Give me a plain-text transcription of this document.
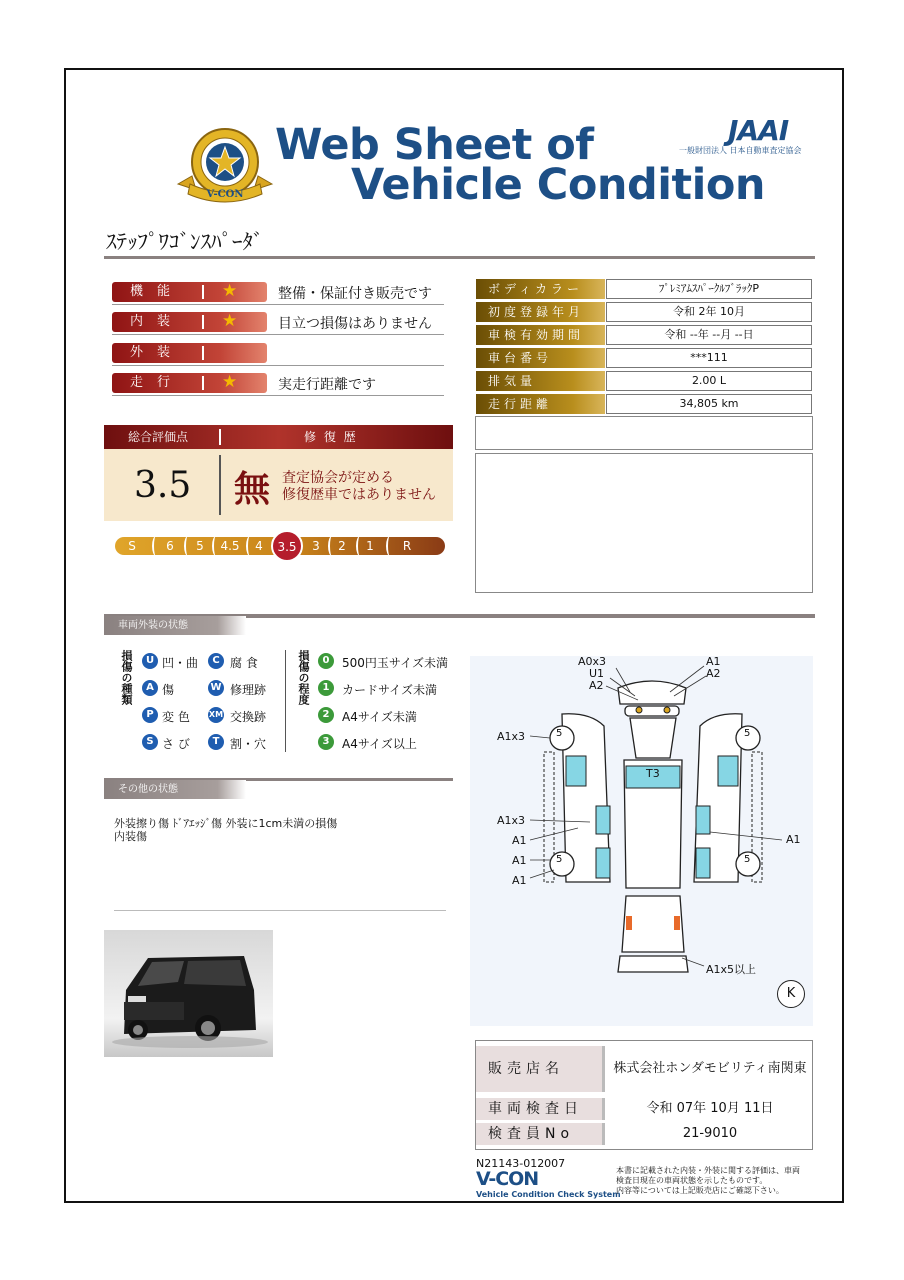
V-CON
Web Sheet of
Vehicle Condition
JAAI
一般財団法人 日本自動車査定協会
ｽﾃｯﾌﾟﾜｺﾞﾝｽﾊﾟｰﾀﾞ
機能 ★	整備・保証付き販売です
内装 ★	目立つ損傷はありません
外装
走行 ★	実走行距離です
ボディカラー	ﾌﾟﾚﾐｱﾑｽﾊﾟｰｸﾙﾌﾞﾗｯｸP
初度登録年月	令和 2年 10月
車検有効期間	令和 --年 --月 --日
車台番号	***111
排気量	2.00 L
走行距離	34,805 km
総合評価点	修 復 歴
3.5 無 査定協会が定める
修復歴車ではありません
S	6	5	4.5	4	3.5	3	2	1	R
車両外装の状態
損傷の種類	U 凹・曲	C 腐 食
A 傷	W 修理跡
P 変 色 XM 交換跡
S さ び	T 割・穴
損傷の程度	0	500円玉サイズ未満
1	カードサイズ未満
2	A4サイズ未満
3	A4サイズ以上
その他の状態
外装擦り傷 ﾄﾞｱｴｯｼﾞ傷 外装に1cm未満の損傷
内装傷
A0x3
U1
A2
A1
A2
A1x3
T3
A1x3
A1
A1
A1
A1
A1x5以上
5	5
5	5
K
販売店名	株式会社ホンダモビリティ南関東
車両検査日	令和 07年 10月 11日
検査員No	21-9010
N21143-012007
V-CON
Vehicle Condition Check System
本書に記載された内装・外装に関する評価は、車両
検査日現在の車両状態を示したものです。
内容等については上記販売店にご確認下さい。
